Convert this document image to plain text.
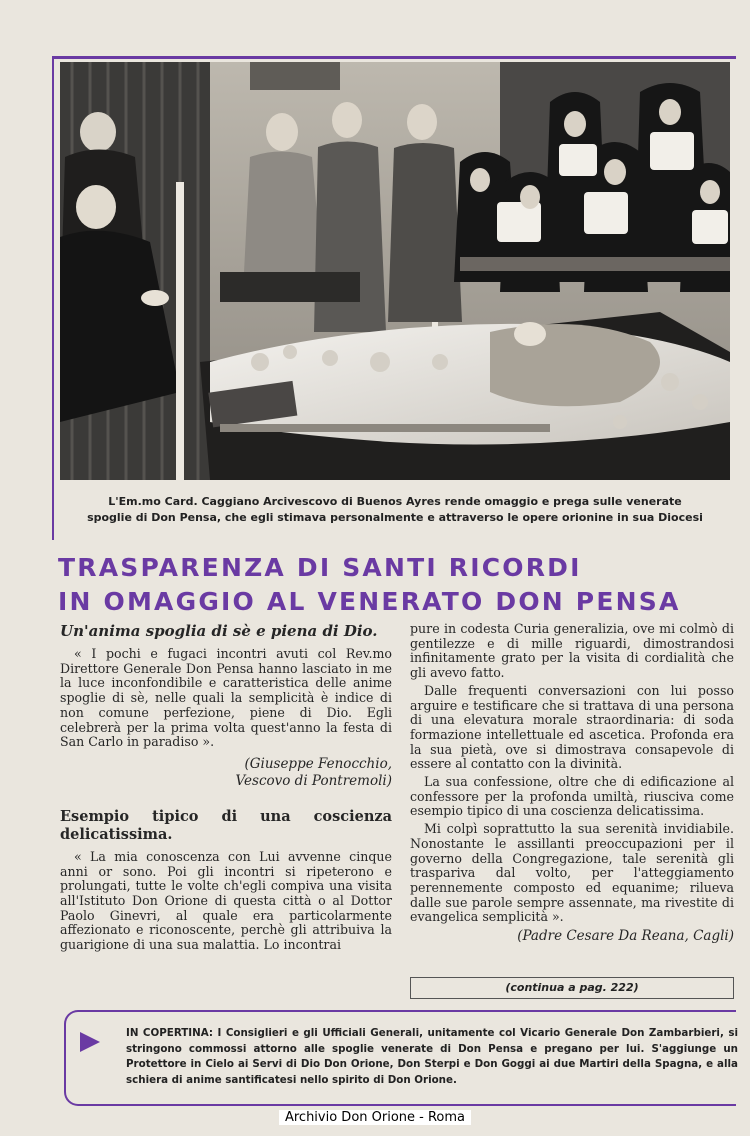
L'Em.mo Card. Caggiano Arcivescovo di Buenos Ayres rende omaggio e prega sulle venerate
spoglie di Don Pensa, che egli stimava personalmente e attraverso le opere orionine in sua Diocesi
TRASPARENZA DI SANTI RICORDI
IN OMAGGIO AL VENERATO DON PENSA
Un'anima spoglia di sè e piena di Dio.

« I pochi e fugaci incontri avuti col Rev.mo Direttore Generale Don Pensa hanno lasciato in me la luce inconfondibile e caratteristica delle anime spoglie di sè, nelle quali la semplicità è indice di non comune perfezione, piene di Dio. Egli celebrerà per la prima volta quest'anno la festa di San Carlo in paradiso ».

(Giuseppe Fenocchio,
Vescovo di Pontremoli)
Esempio tipico di una coscienza delicatissima.

« La mia conoscenza con Lui avvenne cinque anni or sono. Poi gli incontri si ripeterono e prolungati, tutte le volte ch'egli compiva una visita all'Istituto Don Orione di questa città o al Dottor Paolo Ginevri, al quale era particolarmente affezionato e riconoscente, perchè gli attribuiva la guarigione di una sua malattia. Lo incontrai

pure in codesta Curia generalizia, ove mi colmò di gentilezze e di mille riguardi, dimostrandosi infinitamente grato per la visita di cordialità che gli avevo fatto.

Dalle frequenti conversazioni con lui posso arguire e testificare che si trattava di una persona di una elevatura morale straordinaria: di soda formazione intellettuale ed ascetica. Profonda era la sua pietà, ove si dimostrava consapevole di essere al contatto con la divinità.

La sua confessione, oltre che di edificazione al confessore per la profonda umiltà, riusciva come esempio tipico di una coscienza delicatissima.

Mi colpì soprattutto la sua serenità invidiabile. Nonostante le assillanti preoccupazioni per il governo della Congregazione, tale serenità gli traspariva dal volto, per l'atteggiamento perennemente composto ed equanime; rilueva dalle sue parole sempre assennate, ma rivestite di evangelica semplicità ».

(Padre Cesare Da Reana, Cagli)
(continua a pag. 222)
IN COPERTINA: I Consiglieri e gli Ufficiali Generali, unitamente col Vicario Generale Don Zambarbieri, si stringono commossi attorno alle spoglie venerate di Don Pensa e pregano per lui. S'aggiunge un Protettore in Cielo ai Servi di Dio Don Orione, Don Sterpi e Don Goggi ai due Martiri della Spagna, e alla schiera di anime santificatesi nello spirito di Don Orione.
Archivio Don Orione - Roma
